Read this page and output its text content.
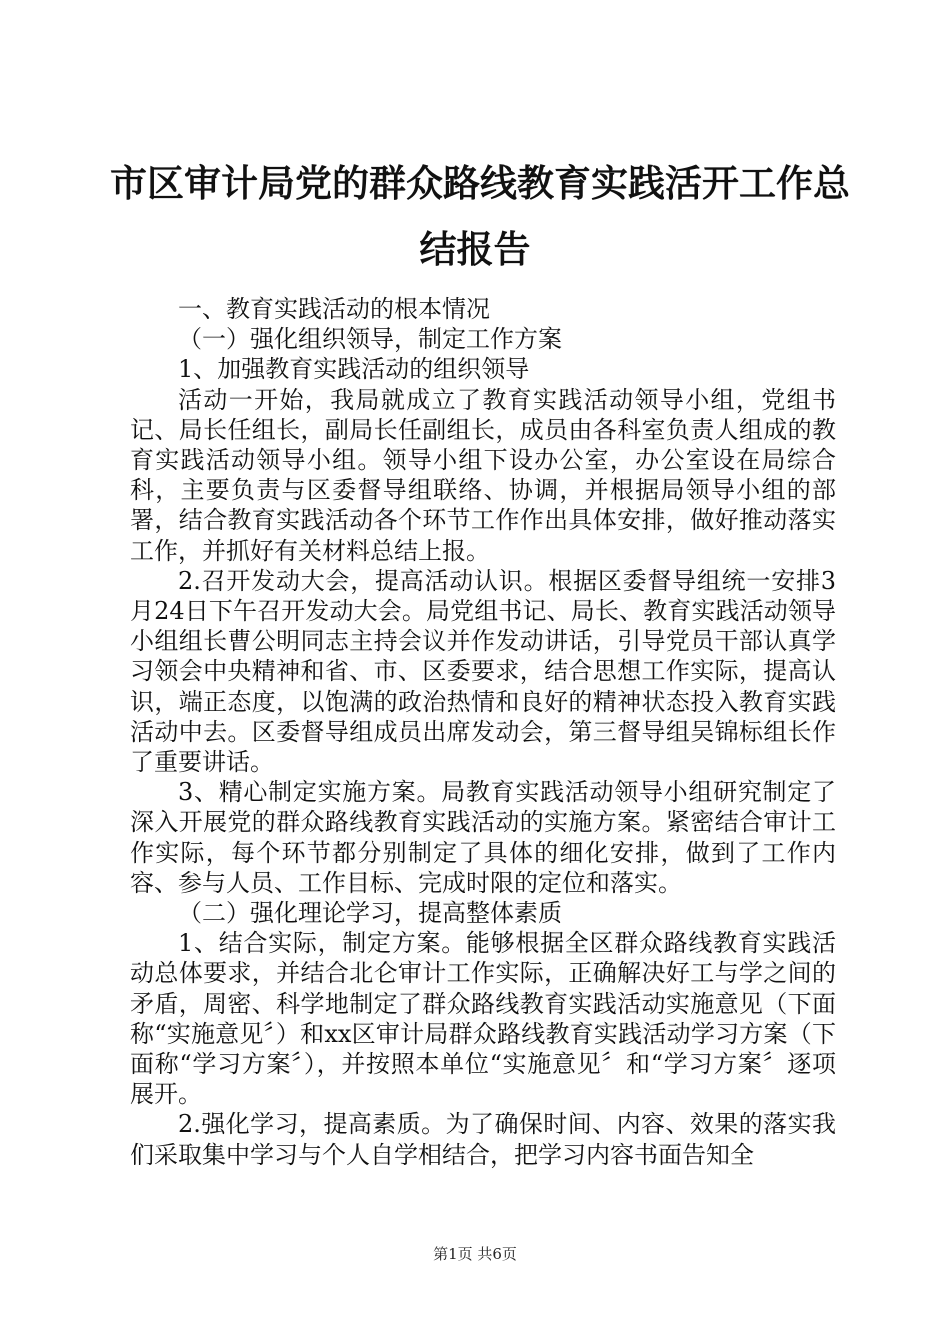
市区审计局党的群众路线教育实践活开工作总
结报告

一、教育实践活动的根本情况

（一）强化组织领导，制定工作方案

1、加强教育实践活动的组织领导

活动一开始，我局就成立了教育实践活动领导小组，党组书记、局长任组长，副局长任副组长，成员由各科室负责人组成的教育实践活动领导小组。领导小组下设办公室，办公室设在局综合科，主要负责与区委督导组联络、协调，并根据局领导小组的部署，结合教育实践活动各个环节工作作出具体安排，做好推动落实工作，并抓好有关材料总结上报。

2.召开发动大会，提高活动认识。根据区委督导组统一安排3月24日下午召开发动大会。局党组书记、局长、教育实践活动领导小组组长曹公明同志主持会议并作发动讲话，引导党员干部认真学习领会中央精神和省、市、区委要求，结合思想工作实际，提高认识，端正态度，以饱满的政治热情和良好的精神状态投入教育实践活动中去。区委督导组成员出席发动会，第三督导组吴锦标组长作了重要讲话。

3、精心制定实施方案。局教育实践活动领导小组研究制定了深入开展党的群众路线教育实践活动的实施方案。紧密结合审计工作实际，每个环节都分别制定了具体的细化安排，做到了工作内容、参与人员、工作目标、完成时限的定位和落实。

（二）强化理论学习，提高整体素质

1、结合实际，制定方案。能够根据全区群众路线教育实践活动总体要求，并结合北仑审计工作实际，正确解决好工与学之间的矛盾，周密、科学地制定了群众路线教育实践活动实施意见（下面称“实施意见〞）和xx区审计局群众路线教育实践活动学习方案（下面称“学习方案〞），并按照本单位“实施意见〞和“学习方案〞逐项展开。

2.强化学习，提高素质。为了确保时间、内容、效果的落实我们采取集中学习与个人自学相结合，把学习内容书面告知全

第1页 共6页
